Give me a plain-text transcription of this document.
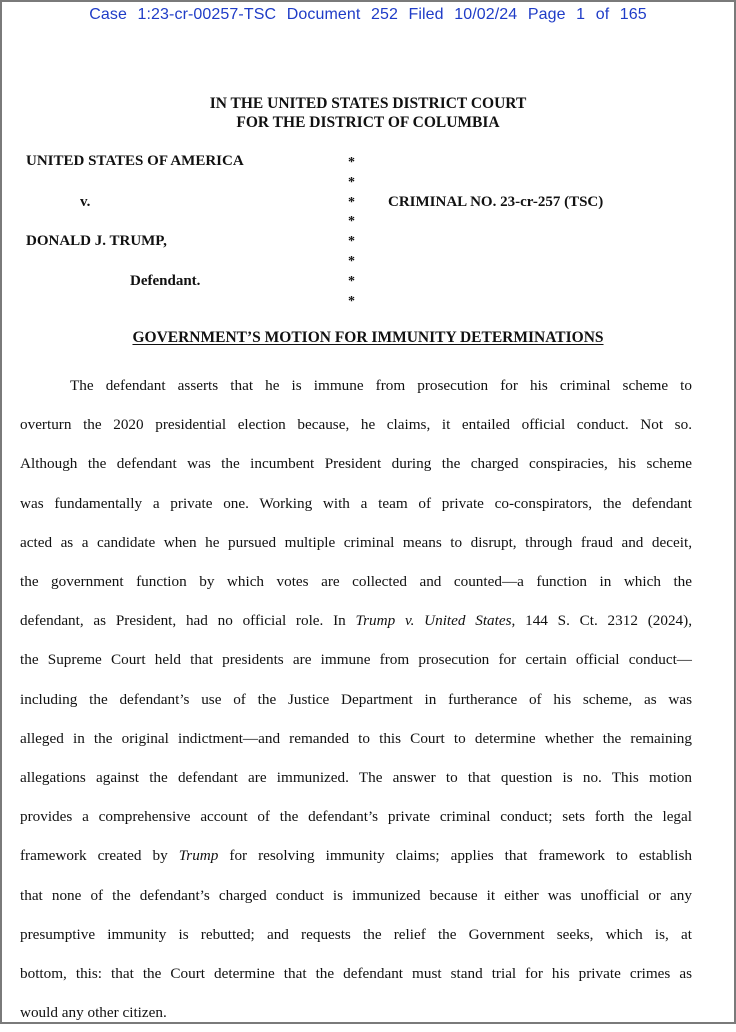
Case 1:23-cr-00257-TSC Document 252 Filed 10/02/24 Page 1 of 165
IN THE UNITED STATES DISTRICT COURT
FOR THE DISTRICT OF COLUMBIA
UNITED STATES OF AMERICA
v.
DONALD J. TRUMP,
Defendant.
*
*
*
*
*
*
*
*
CRIMINAL NO. 23-cr-257 (TSC)
GOVERNMENT’S MOTION FOR IMMUNITY DETERMINATIONS
The defendant asserts that he is immune from prosecution for his criminal scheme to
overturn the 2020 presidential election because, he claims, it entailed official conduct. Not so.
Although the defendant was the incumbent President during the charged conspiracies, his scheme
was fundamentally a private one. Working with a team of private co-conspirators, the defendant
acted as a candidate when he pursued multiple criminal means to disrupt, through fraud and deceit,
the government function by which votes are collected and counted—a function in which the
defendant, as President, had no official role. In Trump v. United States, 144 S. Ct. 2312 (2024),
the Supreme Court held that presidents are immune from prosecution for certain official conduct—
including the defendant’s use of the Justice Department in furtherance of his scheme, as was
alleged in the original indictment—and remanded to this Court to determine whether the remaining
allegations against the defendant are immunized. The answer to that question is no. This motion
provides a comprehensive account of the defendant’s private criminal conduct; sets forth the legal
framework created by Trump for resolving immunity claims; applies that framework to establish
that none of the defendant’s charged conduct is immunized because it either was unofficial or any
presumptive immunity is rebutted; and requests the relief the Government seeks, which is, at
bottom, this: that the Court determine that the defendant must stand trial for his private crimes as
would any other citizen.
